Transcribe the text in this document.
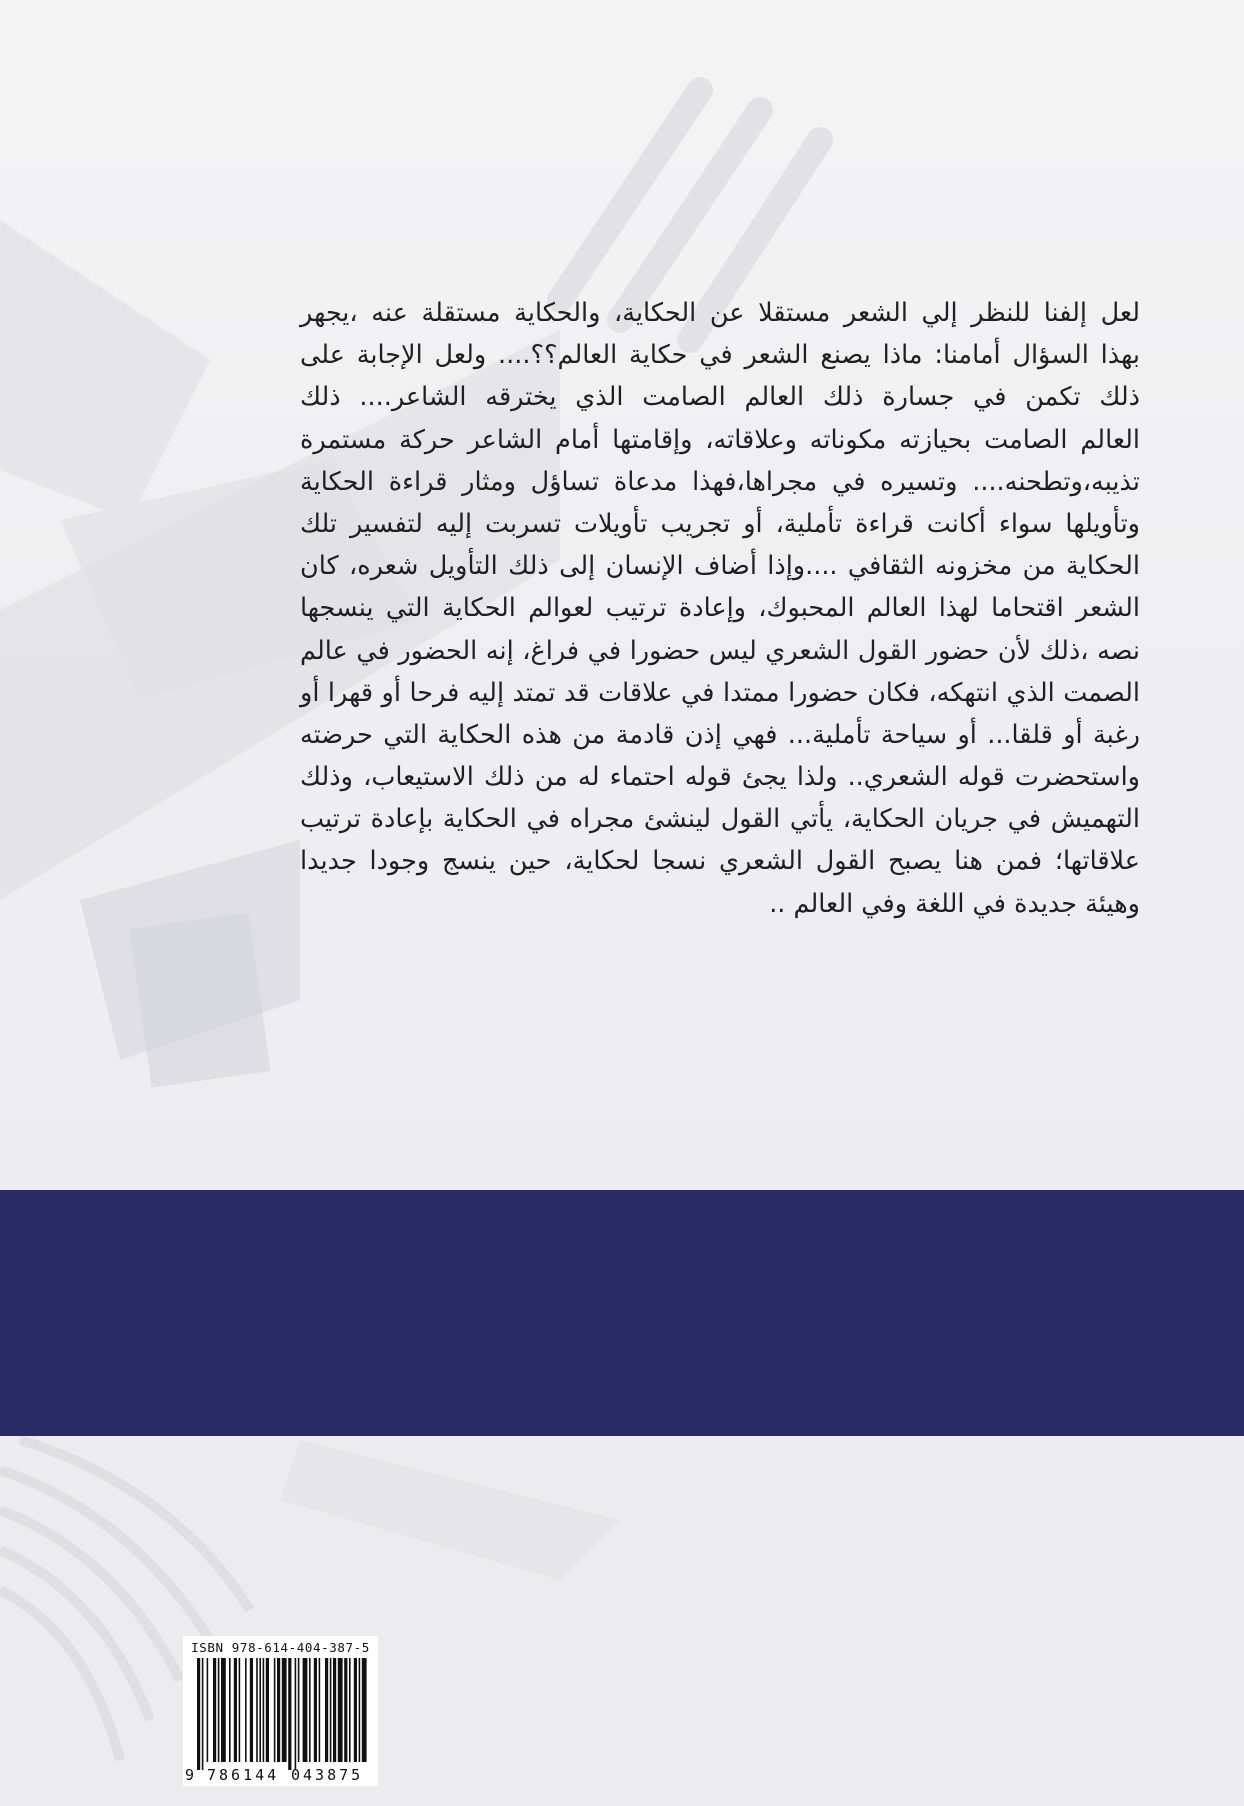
لعل إلفنا للنظر إلي الشعر مستقلا عن الحكاية، والحكاية مستقلة عنه ،يجهر
بهذا السؤال أمامنا: ماذا يصنع الشعر في حكاية العالم؟؟.... ولعل الإجابة على
ذلك تكمن في جسارة ذلك العالم الصامت الذي يخترقه الشاعر.... ذلك
العالم الصامت بحيازته مكوناته وعلاقاته، وإقامتها أمام الشاعر حركة مستمرة
تذيبه،وتطحنه.... وتسيره في مجراها،فهذا مدعاة تساؤل ومثار قراءة الحكاية
وتأويلها سواء أكانت قراءة تأملية، أو تجريب تأويلات تسربت إليه لتفسير تلك
الحكاية من مخزونه الثقافي ....وإذا أضاف الإنسان إلى ذلك التأويل شعره، كان
الشعر اقتحاما لهذا العالم المحبوك، وإعادة ترتيب لعوالم الحكاية التي ينسجها
نصه ،ذلك لأن حضور القول الشعري ليس حضورا في فراغ، إنه الحضور في عالم
الصمت الذي انتهكه، فكان حضورا ممتدا في علاقات قد تمتد إليه فرحا أو قهرا أو
رغبة أو قلقا... أو سياحة تأملية... فهي إذن قادمة من هذه الحكاية التي حرضته
واستحضرت قوله الشعري.. ولذا يجئ قوله احتماء له من ذلك الاستيعاب، وذلك
التهميش في جريان الحكاية، يأتي القول لينشئ مجراه في الحكاية بإعادة ترتيب
علاقاتها؛ فمن هنا يصبح القول الشعري نسجا لحكاية، حين ينسج وجودا جديدا
وهيئة جديدة في اللغة وفي العالم ..
ISBN 978-614-404-387-5
9 786144 043875
